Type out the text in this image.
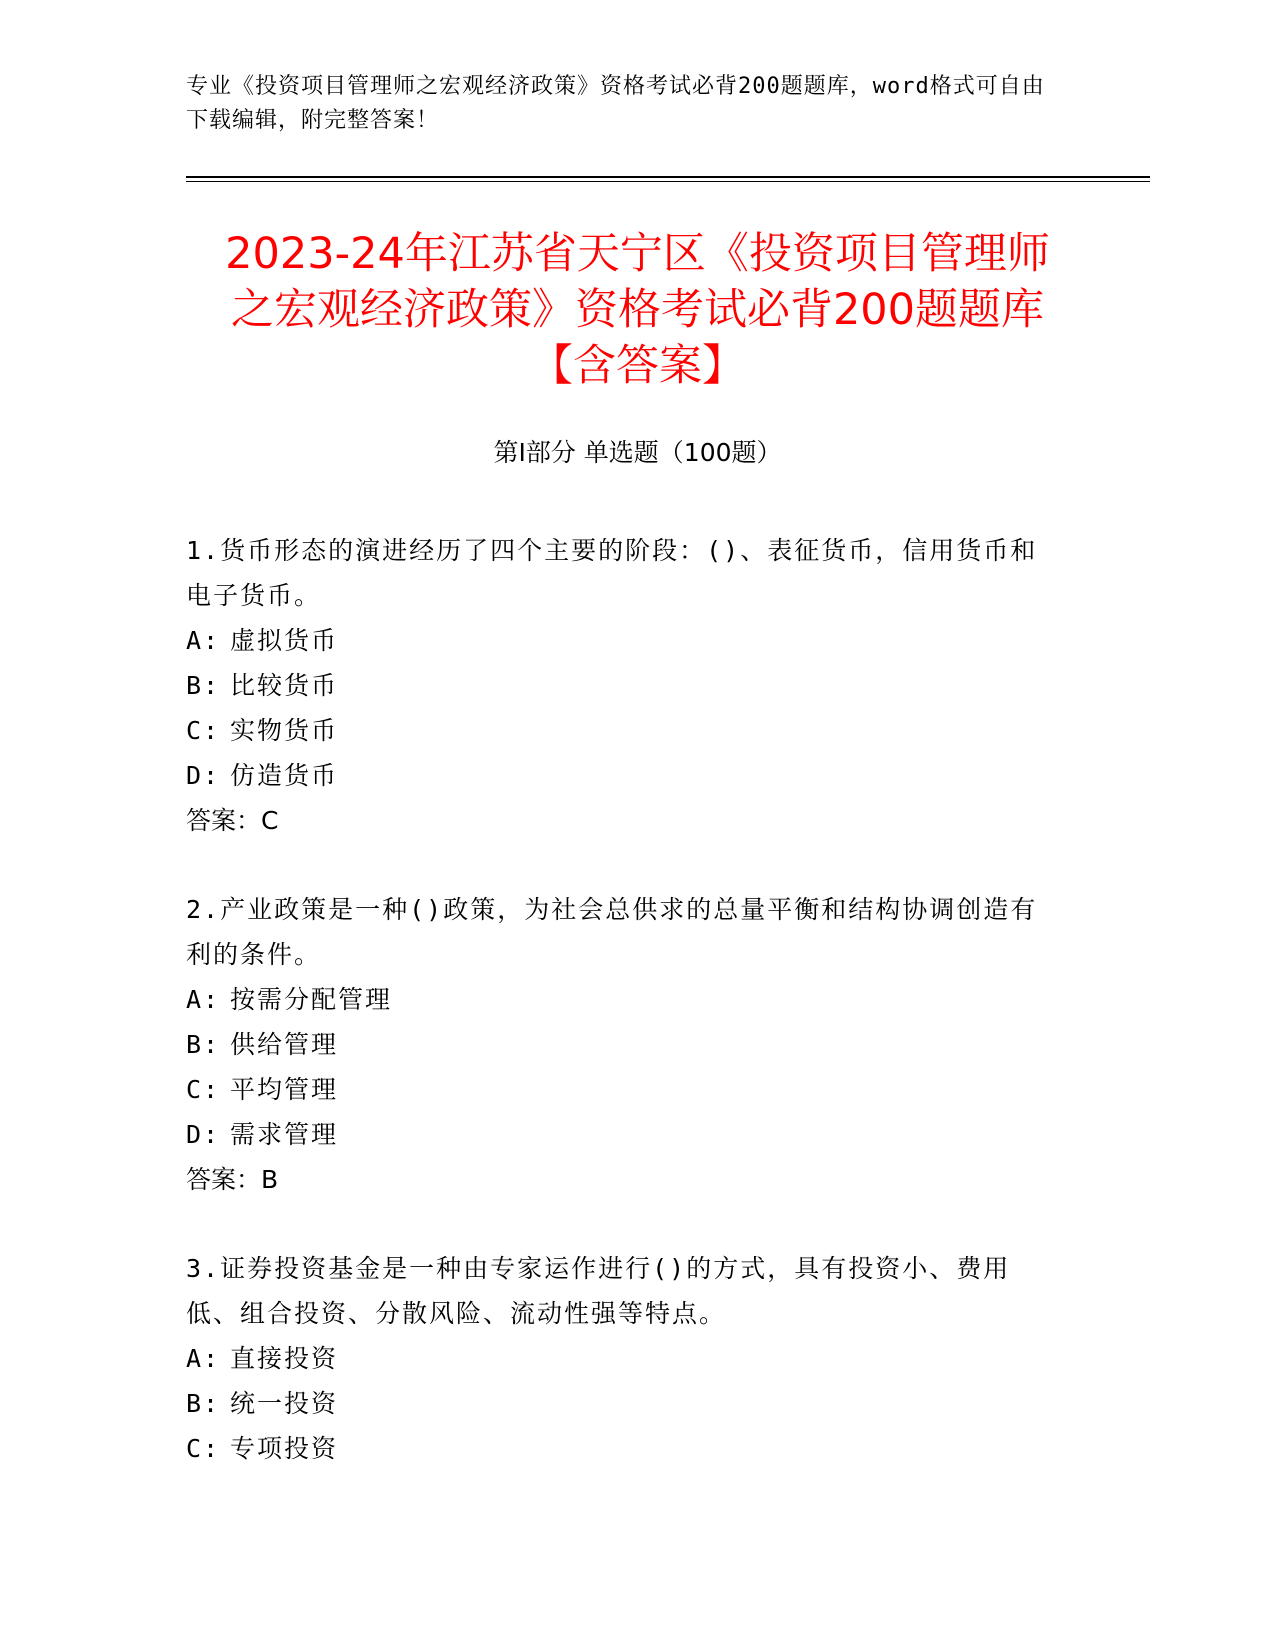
专业《投资项目管理师之宏观经济政策》资格考试必背200题题库，word格式可自由下载编辑，附完整答案！
2023-24年江苏省天宁区《投资项目管理师
之宏观经济政策》资格考试必背200题题库
【含答案】
第I部分 单选题（100题）
1.货币形态的演进经历了四个主要的阶段：()、表征货币，信用货币和电子货币。
A: 虚拟货币
B: 比较货币
C: 实物货币
D: 仿造货币
答案：C
2.产业政策是一种()政策，为社会总供求的总量平衡和结构协调创造有利的条件。
A: 按需分配管理
B: 供给管理
C: 平均管理
D: 需求管理
答案：B
3.证券投资基金是一种由专家运作进行()的方式，具有投资小、费用低、组合投资、分散风险、流动性强等特点。
A: 直接投资
B: 统一投资
C: 专项投资
